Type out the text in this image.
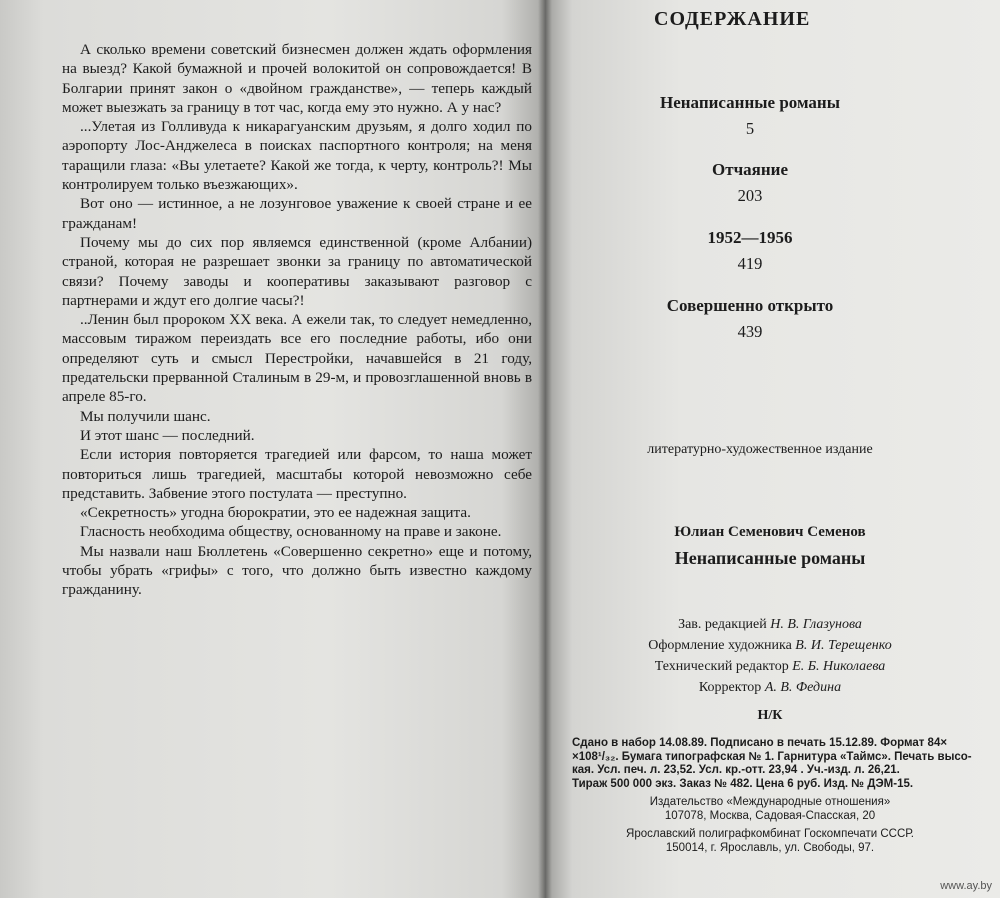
А сколько времени советский бизнесмен должен ждать оформления на выезд? Какой бумажной и прочей волокитой он сопровождается! В Болгарии принят закон о «двойном гражданстве», — теперь каждый может выезжать за границу в тот час, когда ему это нужно. А у нас?

...Улетая из Голливуда к никарагуанским друзьям, я долго ходил по аэропорту Лос-Анджелеса в поисках паспортного контроля; на меня таращили глаза: «Вы улетаете? Какой же тогда, к черту, контроль?! Мы контролируем только въезжающих».

Вот оно — истинное, а не лозунговое уважение к своей стране и ее гражданам!

Почему мы до сих пор являемся единственной (кроме Албании) страной, которая не разрешает звонки за границу по автоматической связи? Почему заводы и кооперативы заказывают разговор с партнерами и ждут его долгие часы?!

..Ленин был пророком XX века. А ежели так, то следует немедленно, массовым тиражом переиздать все его последние работы, ибо они определяют суть и смысл Перестройки, начавшейся в 21 году, предательски прерванной Сталиным в 29-м, и провозглашенной вновь в апреле 85-го.

Мы получили шанс.

И этот шанс — последний.

Если история повторяется трагедией или фарсом, то наша может повториться лишь трагедией, масштабы которой невозможно себе представить. Забвение этого постулата — преступно.

«Секретность» угодна бюрократии, это ее надежная защита.

Гласность необходима обществу, основанному на праве и законе.

Мы назвали наш Бюллетень «Совершенно секретно» еще и потому, чтобы убрать «грифы» с того, что должно быть известно каждому гражданину.

СОДЕРЖАНИЕ
Ненаписанные романы
5
Отчаяние
203
1952—1956
419
Совершенно открыто
439
литературно-художественное издание
Юлиан Семенович Семенов
Ненаписанные романы
Зав. редакцией Н. В. Глазунова
Оформление художника В. И. Терещенко
Технический редактор Е. Б. Николаева
Корректор А. В. Федина
Н/К
Сдано в набор 14.08.89. Подписано в печать 15.12.89. Формат 84×
×108¹/₃₂. Бумага типографская № 1. Гарнитура «Таймс». Печать высо-
кая. Усл. печ. л. 23,52. Усл. кр.-отт. 23,94 . Уч.-изд. л. 26,21.
Тираж 500 000 экз. Заказ № 482. Цена 6 руб. Изд. № ДЭМ-15.
Издательство «Международные отношения»
107078, Москва, Садовая-Спасская, 20
Ярославский полиграфкомбинат Госкомпечати СССР.
150014, г. Ярославль, ул. Свободы, 97.
www.ay.by
